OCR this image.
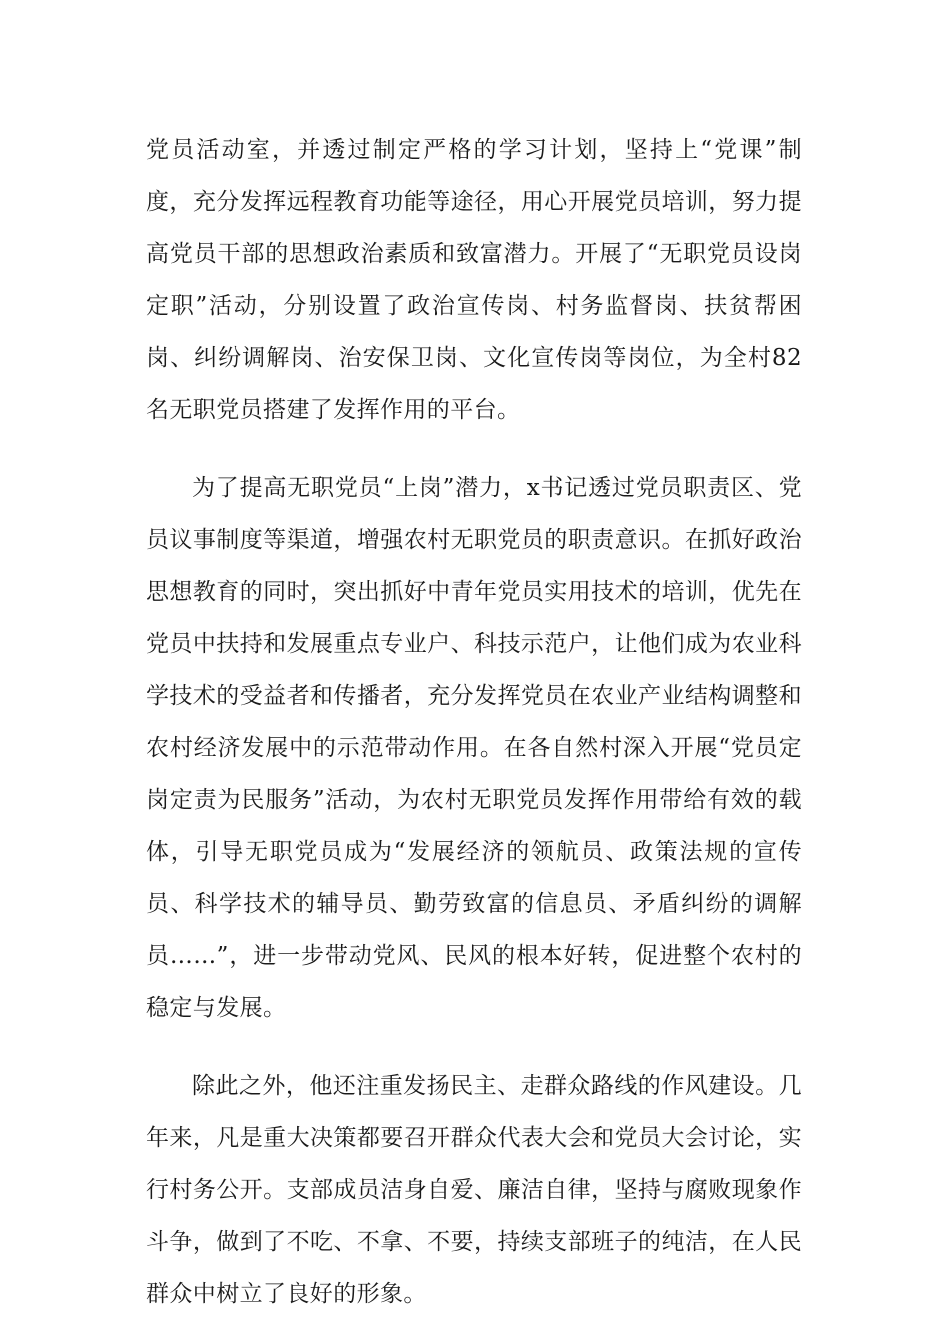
党员活动室，并透过制定严格的学习计划，坚持上“党课”制度，充分发挥远程教育功能等途径，用心开展党员培训，努力提高党员干部的思想政治素质和致富潜力。开展了“无职党员设岗定职”活动，分别设置了政治宣传岗、村务监督岗、扶贫帮困岗、纠纷调解岗、治安保卫岗、文化宣传岗等岗位，为全村82名无职党员搭建了发挥作用的平台。

为了提高无职党员“上岗”潜力，x书记透过党员职责区、党员议事制度等渠道，增强农村无职党员的职责意识。在抓好政治思想教育的同时，突出抓好中青年党员实用技术的培训，优先在党员中扶持和发展重点专业户、科技示范户，让他们成为农业科学技术的受益者和传播者，充分发挥党员在农业产业结构调整和农村经济发展中的示范带动作用。在各自然村深入开展“党员定岗定责为民服务”活动，为农村无职党员发挥作用带给有效的载体，引导无职党员成为“发展经济的领航员、政策法规的宣传员、科学技术的辅导员、勤劳致富的信息员、矛盾纠纷的调解员……”，进一步带动党风、民风的根本好转，促进整个农村的稳定与发展。

除此之外，他还注重发扬民主、走群众路线的作风建设。几年来，凡是重大决策都要召开群众代表大会和党员大会讨论，实行村务公开。支部成员洁身自爱、廉洁自律，坚持与腐败现象作斗争，做到了不吃、不拿、不要，持续支部班子的纯洁，在人民群众中树立了良好的形象。
